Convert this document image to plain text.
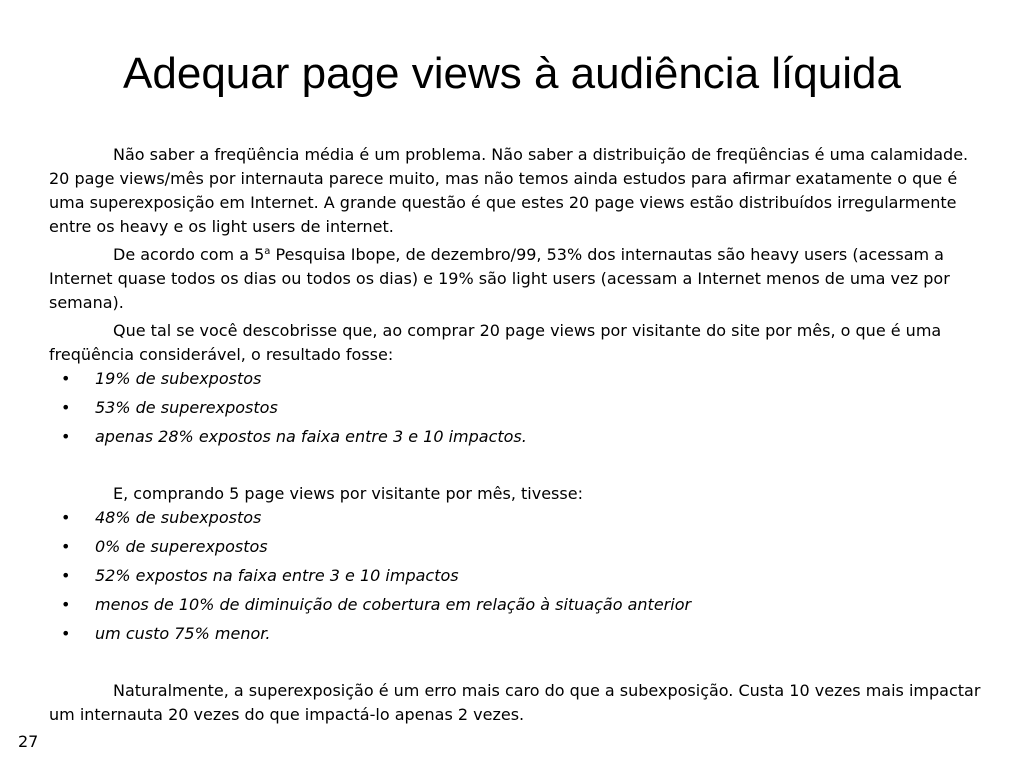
Adequar page views à audiência líquida

Não saber a freqüência média é um problema. Não saber a distribuição de freqüências é uma calamidade. 20 page views/mês por internauta parece muito, mas não temos ainda estudos para afirmar exatamente o que é uma superexposição em Internet. A grande questão é que estes 20 page views estão distribuídos irregularmente entre os heavy e os light users de internet.

De acordo com a 5$^a$ Pesquisa Ibope, de dezembro/99, 53% dos internautas são heavy users (acessam a Internet quase todos os dias ou todos os dias) e 19% são light users (acessam a Internet menos de uma vez por semana).

Que tal se você descobrisse que, ao comprar 20 page views por visitante do site por mês, o que é uma freqüência considerável, o resultado fosse:

• 19% de subexpostos
• 53% de superexpostos
• apenas 28% expostos na faixa entre 3 e 10 impactos.

E, comprando 5 page views por visitante por mês, tivesse:

• 48% de subexpostos
• 0% de superexpostos
• 52% expostos na faixa entre 3 e 10 impactos
• menos de 10% de diminuição de cobertura em relação à situação anterior
• um custo 75% menor.

Naturalmente, a superexposição é um erro mais caro do que a subexposição. Custa 10 vezes mais impactar um internauta 20 vezes do que impactá-lo apenas 2 vezes.

27
